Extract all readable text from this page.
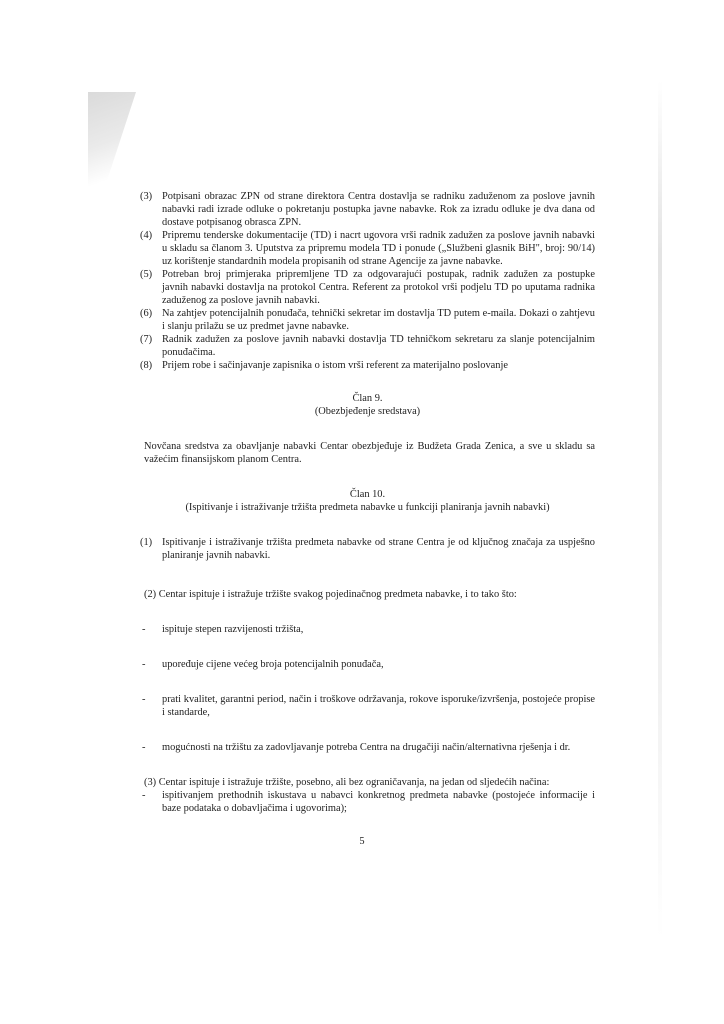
(3) Potpisani obrazac ZPN od strane direktora Centra dostavlja se radniku zaduženom za poslove javnih nabavki radi izrade odluke o pokretanju postupka javne nabavke. Rok za izradu odluke je dva dana od dostave potpisanog obrasca ZPN.

(4) Pripremu tenderske dokumentacije (TD) i nacrt ugovora vrši radnik zadužen za poslove javnih nabavki u skladu sa članom 3. Uputstva za pripremu modela TD i ponude („Službeni glasnik BiH", broj: 90/14) uz korištenje standardnih modela propisanih od strane Agencije za javne nabavke.

(5) Potreban broj primjeraka pripremljene TD za odgovarajući postupak, radnik zadužen za postupke javnih nabavki dostavlja na protokol Centra. Referent za protokol vrši podjelu TD po uputama radnika zaduženog za poslove javnih nabavki.

(6) Na zahtjev potencijalnih ponuđača, tehnički sekretar im dostavlja TD putem e-maila. Dokazi o zahtjevu i slanju prilažu se uz predmet javne nabavke.

(7) Radnik zadužen za poslove javnih nabavki dostavlja TD tehničkom sekretaru za slanje potencijalnim ponuđačima.

(8) Prijem robe i sačinjavanje zapisnika o istom vrši referent za materijalno poslovanje

Član 9.

(Obezbjeđenje sredstava)

Novčana sredstva za obavljanje nabavki Centar obezbjeđuje iz Budžeta Grada Zenica, a sve u skladu sa važećim finansijskom planom Centra.

Član 10.

(Ispitivanje i istraživanje tržišta predmeta nabavke u funkciji planiranja javnih nabavki)

(1) Ispitivanje i istraživanje tržišta predmeta nabavke od strane Centra je od ključnog značaja za uspješno planiranje javnih nabavki.

(2) Centar ispituje i istražuje tržište svakog pojedinačnog predmeta nabavke, i to tako što:

- ispituje stepen razvijenosti tržišta,

- upoređuje cijene većeg broja potencijalnih ponuđača,

- prati kvalitet, garantni period, način i troškove održavanja, rokove isporuke/izvršenja, postojeće propise i standarde,

- mogućnosti na tržištu za zadovljavanje potreba Centra na drugačiji način/alternativna rješenja i dr.

(3) Centar ispituje i istražuje tržište, posebno, ali bez ograničavanja, na jedan od sljedećih načina:

- ispitivanjem prethodnih iskustava u nabavci konkretnog predmeta nabavke (postojeće informacije i baze podataka o dobavljačima i ugovorima);

5
